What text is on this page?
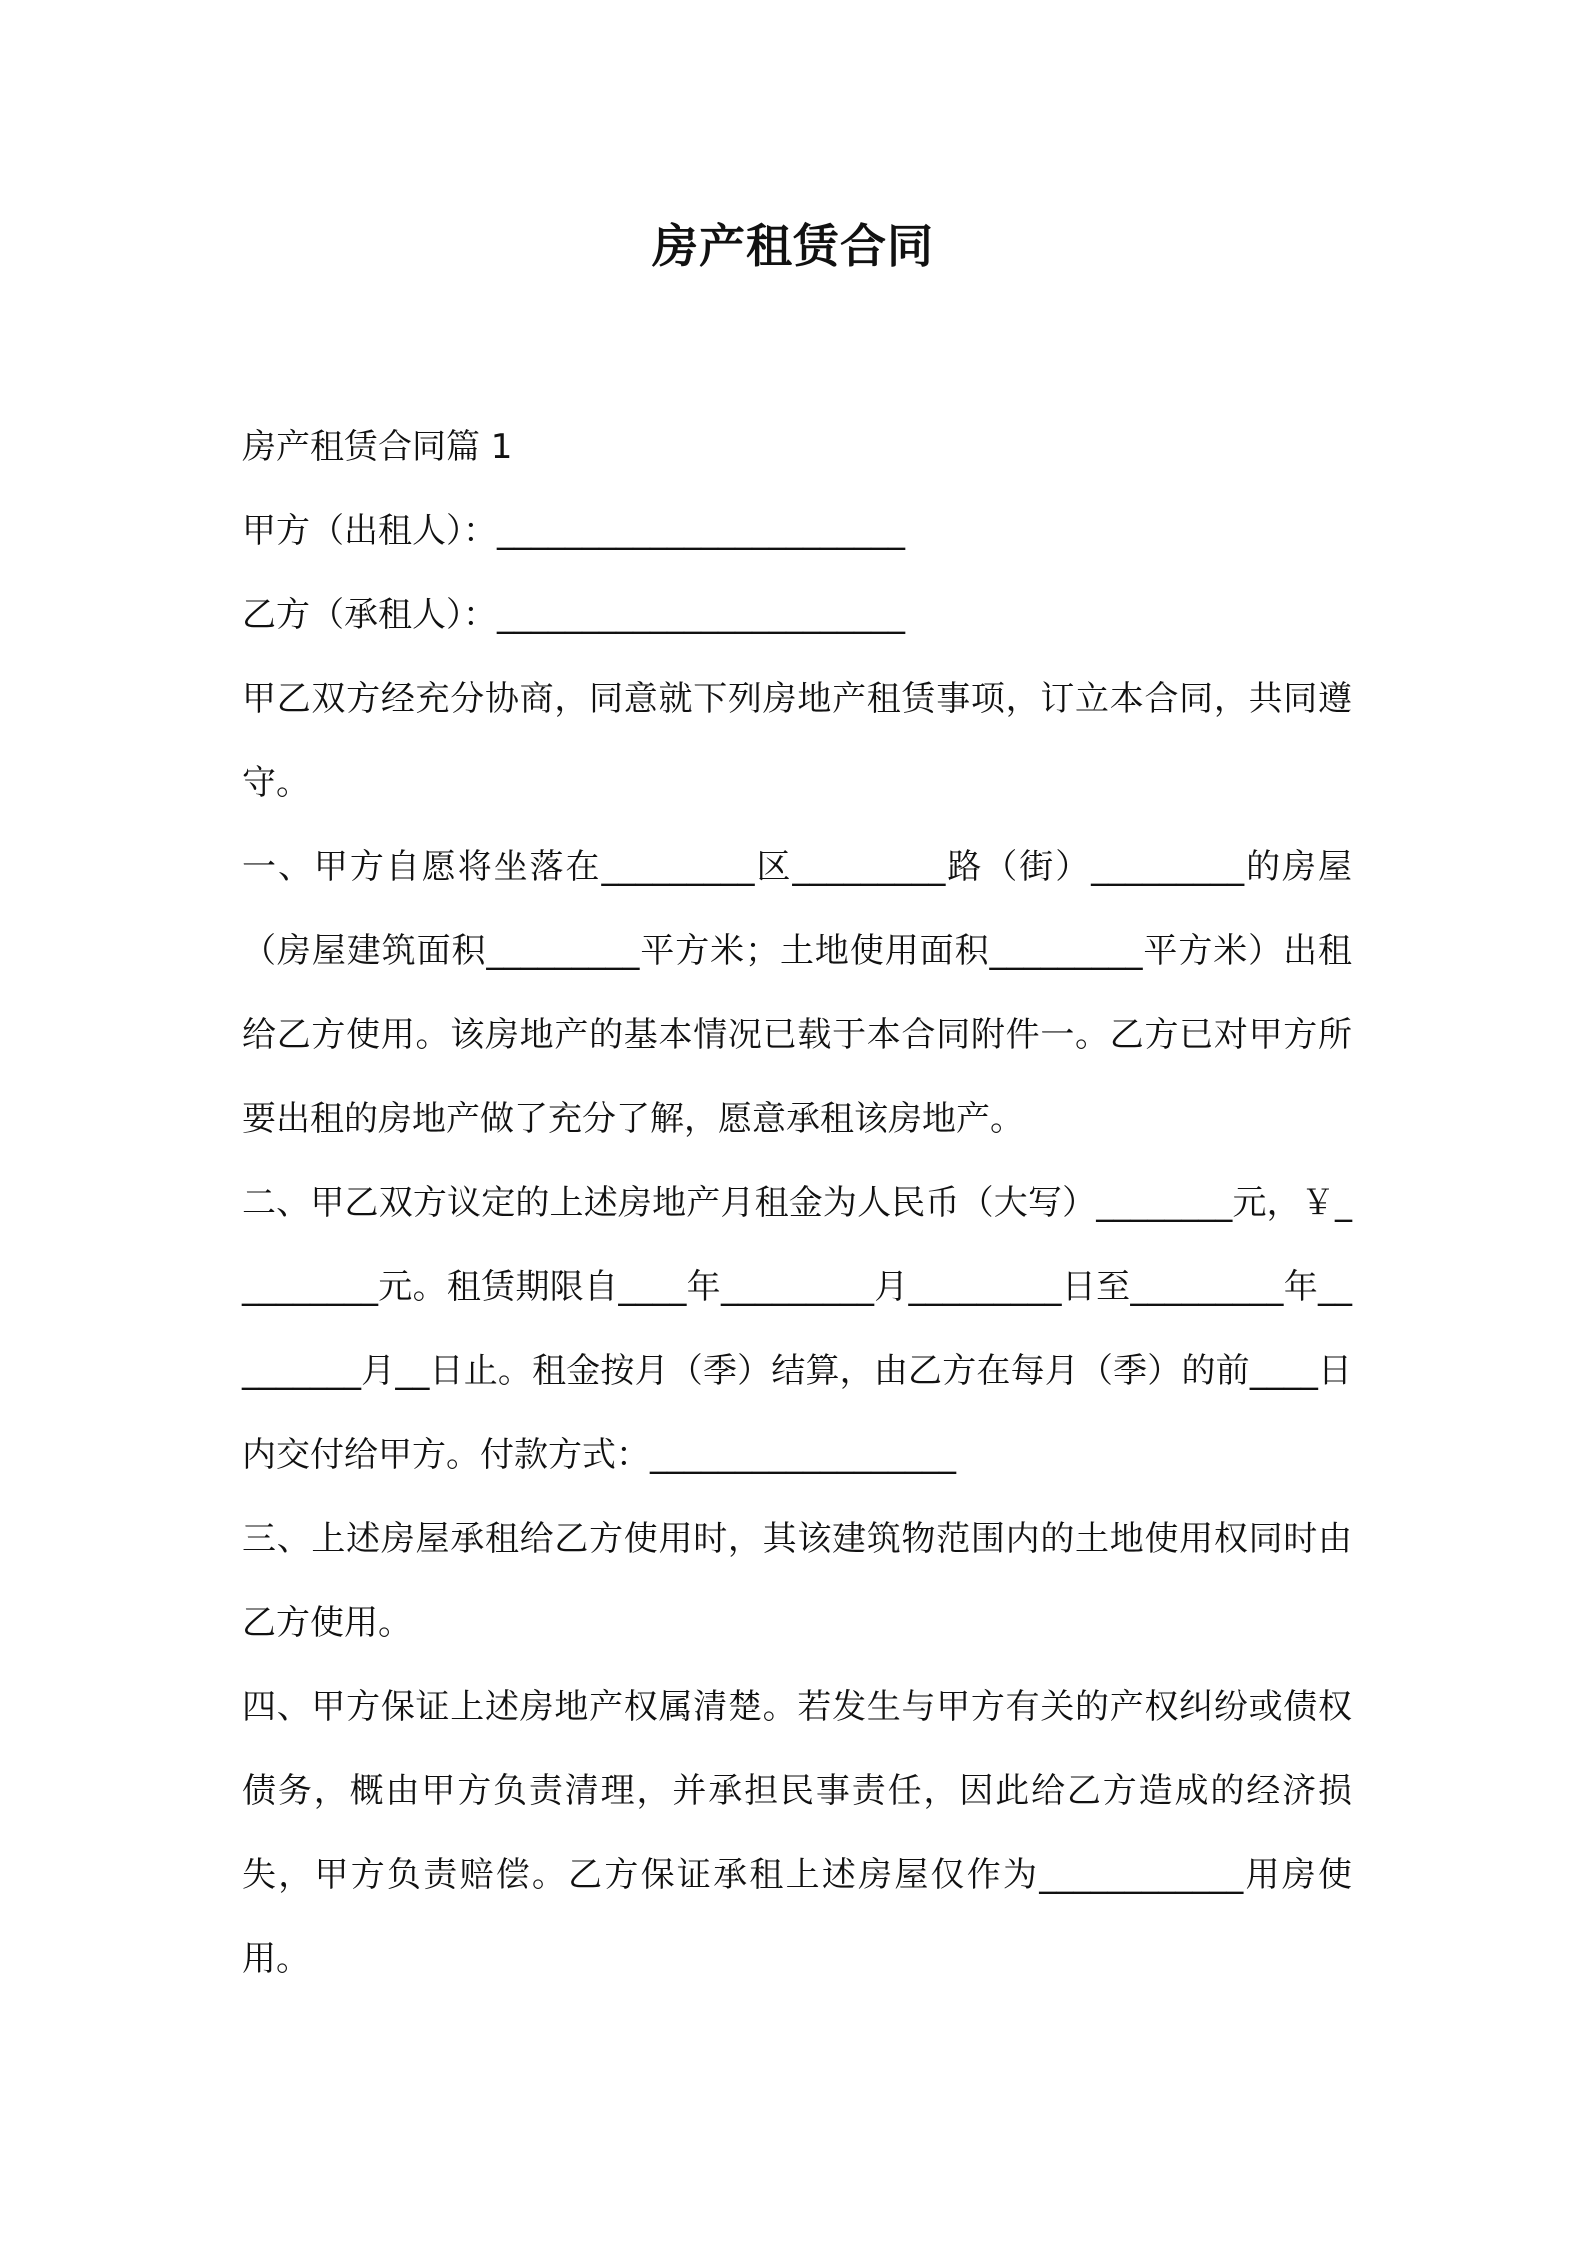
房产租赁合同

房产租赁合同篇 1

甲方（出租人）：________________________

乙方（承租人）：________________________

甲乙双方经充分协商，同意就下列房地产租赁事项，订立本合同，共同遵守。

一、甲方自愿将坐落在_________区_________路（街）_________的房屋（房屋建筑面积_________平方米；土地使用面积_________平方米）出租给乙方使用。该房地产的基本情况已载于本合同附件一。乙方已对甲方所要出租的房地产做了充分了解，愿意承租该房地产。

二、甲乙双方议定的上述房地产月租金为人民币（大写）________元，￥_________元。租赁期限自____年_________月_________日至_________年_________月__日止。租金按月（季）结算，由乙方在每月（季）的前____日内交付给甲方。付款方式：__________________

三、上述房屋承租给乙方使用时，其该建筑物范围内的土地使用权同时由乙方使用。

四、甲方保证上述房地产权属清楚。若发生与甲方有关的产权纠纷或债权债务，概由甲方负责清理，并承担民事责任，因此给乙方造成的经济损失，甲方负责赔偿。乙方保证承租上述房屋仅作为____________用房使用。
